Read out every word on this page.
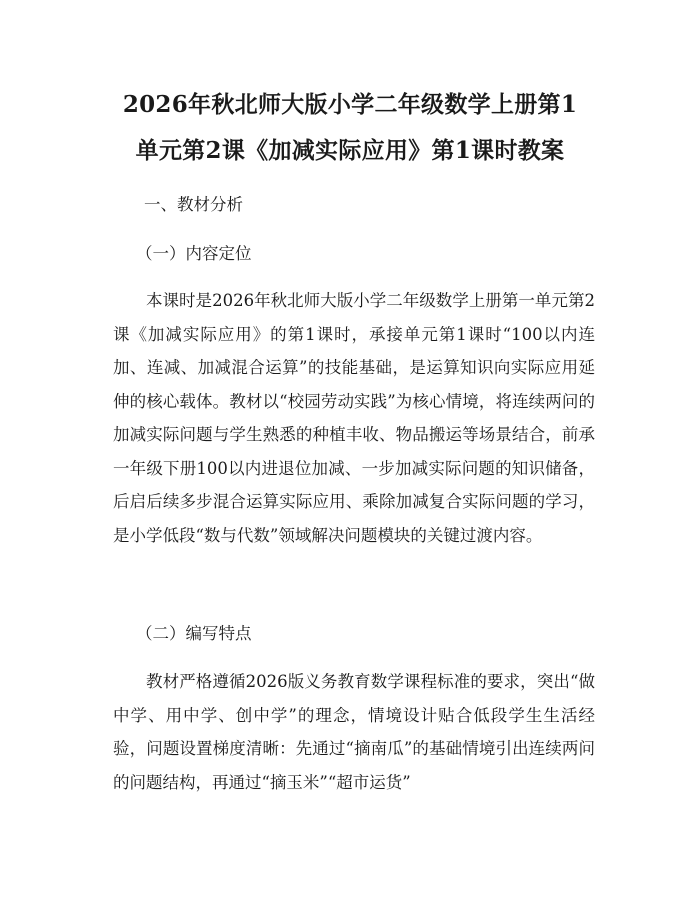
2026年秋北师大版小学二年级数学上册第1
单元第2课《加减实际应用》第1课时教案
一、教材分析
（一）内容定位

本课时是2026年秋北师大版小学二年级数学上册第一单元第2课《加减实际应用》的第1课时，承接单元第1课时“100以内连加、连减、加减混合运算”的技能基础，是运算知识向实际应用延伸的核心载体。教材以“校园劳动实践”为核心情境，将连续两问的加减实际问题与学生熟悉的种植丰收、物品搬运等场景结合，前承一年级下册100以内进退位加减、一步加减实际问题的知识储备，后启后续多步混合运算实际应用、乘除加减复合实际问题的学习，是小学低段“数与代数”领域解决问题模块的关键过渡内容。

（二）编写特点

教材严格遵循2026版义务教育数学课程标准的要求，突出“做中学、用中学、创中学”的理念，情境设计贴合低段学生生活经验，问题设置梯度清晰：先通过“摘南瓜”的基础情境引出连续两问的问题结构，再通过“摘玉米”“超市运货”
